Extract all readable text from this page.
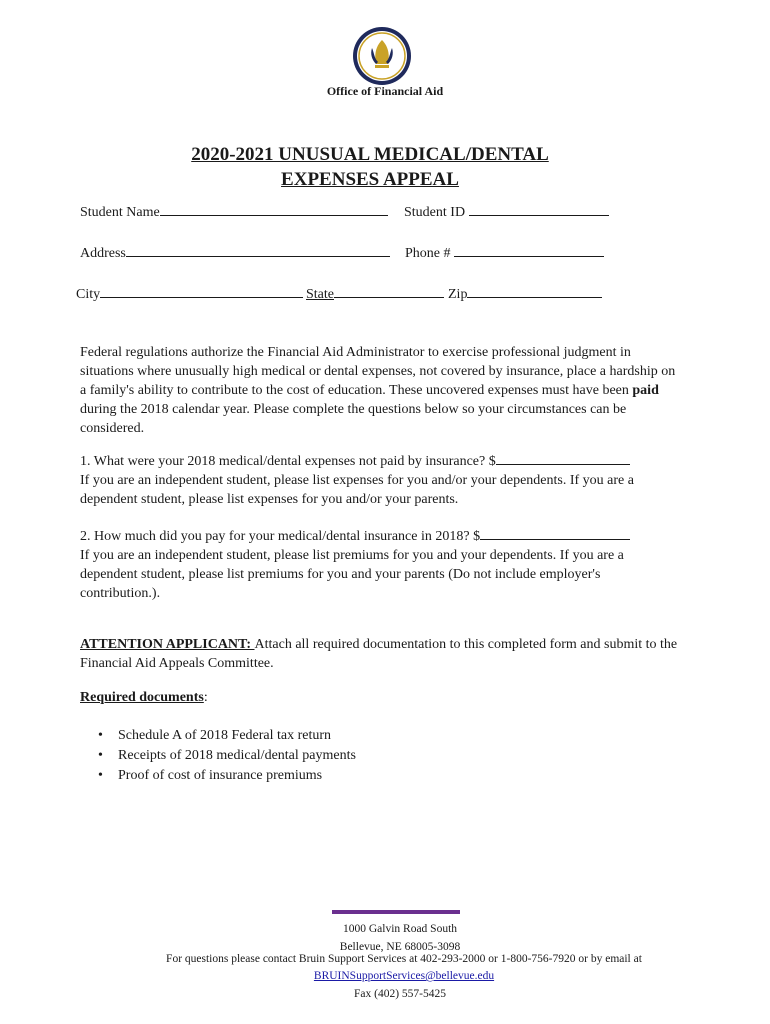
Office of Financial Aid
2020-2021 UNUSUAL MEDICAL/DENTAL
EXPENSES APPEAL
Student Name	Student ID
Address	Phone #
City	State	Zip
Federal regulations authorize the Financial Aid Administrator to exercise professional judgment in situations where unusually high medical or dental expenses, not covered by insurance, place a hardship on a family's ability to contribute to the cost of education. These uncovered expenses must have been paid during the 2018 calendar year. Please complete the questions below so your circumstances can be considered.
1. What were your 2018 medical/dental expenses not paid by insurance? $
If you are an independent student, please list expenses for you and/or your dependents. If you are a dependent student, please list expenses for you and/or your parents.
2. How much did you pay for your medical/dental insurance in 2018? $
If you are an independent student, please list premiums for you and your dependents. If you are a dependent student, please list premiums for you and your parents (Do not include employer's contribution.).
ATTENTION APPLICANT: Attach all required documentation to this completed form and submit to the Financial Aid Appeals Committee.
Required documents:
• Schedule A of 2018 Federal tax return
• Receipts of 2018 medical/dental payments
• Proof of cost of insurance premiums
1000 Galvin Road South
Bellevue, NE 68005-3098
For questions please contact Bruin Support Services at 402-293-2000 or 1-800-756-7920 or by email at
BRUINSupportServices@bellevue.edu
Fax (402) 557-5425
